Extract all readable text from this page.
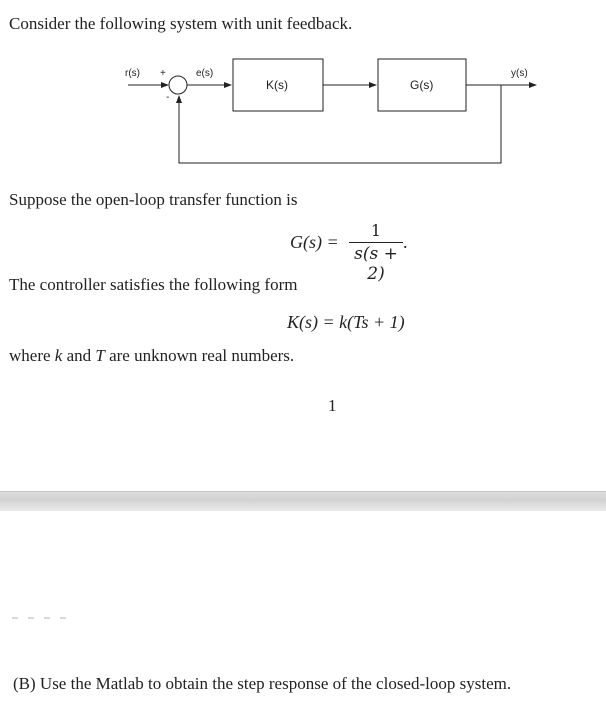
Consider the following system with unit feedback.
r(s) +	e(s)
-
K(s)	G(s)
y(s)
Suppose the open-loop transfer function is
G(s) =
1
s(s + 2)
.
The controller satisfies the following form
K(s) = k(Ts + 1)
where k and T are unknown real numbers.
1
(B) Use the Matlab to obtain the step response of the closed-loop system.
